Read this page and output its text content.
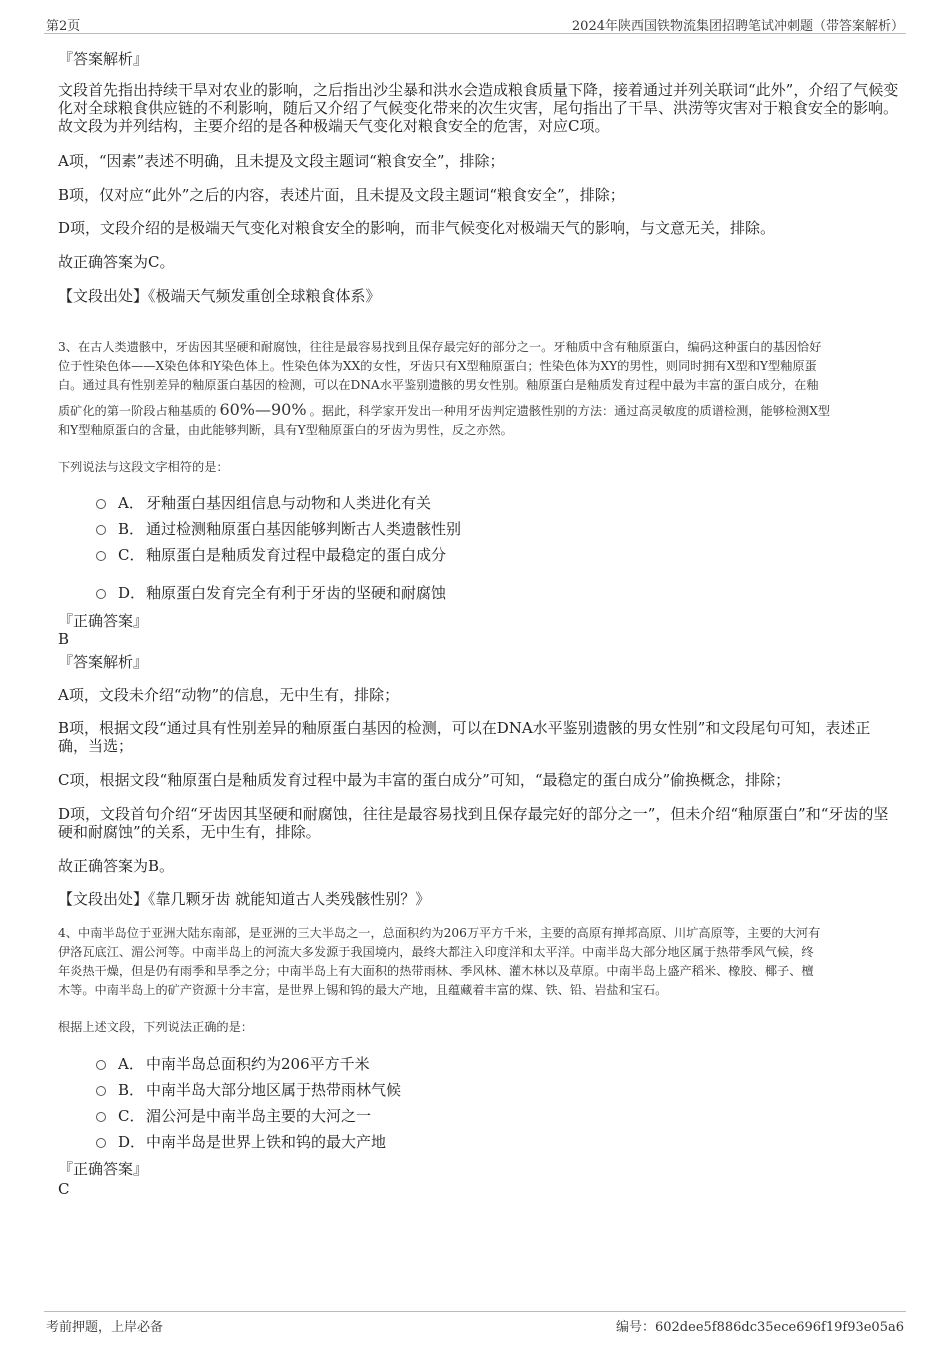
第2页	2024年陕西国铁物流集团招聘笔试冲刺题（带答案解析）
『答案解析』
文段首先指出持续干旱对农业的影响，之后指出沙尘暴和洪水会造成粮食质量下降，接着通过并列关联词“此外”，介绍了气候变化对全球粮食供应链的不利影响，随后又介绍了气候变化带来的次生灾害，尾句指出了干旱、洪涝等灾害对于粮食安全的影响。故文段为并列结构，主要介绍的是各种极端天气变化对粮食安全的危害，对应C项。
A项，“因素”表述不明确，且未提及文段主题词“粮食安全”，排除；
B项，仅对应“此外”之后的内容，表述片面，且未提及文段主题词“粮食安全”，排除；
D项，文段介绍的是极端天气变化对粮食安全的影响，而非气候变化对极端天气的影响，与文意无关，排除。
故正确答案为C。
【文段出处】《极端天气频发重创全球粮食体系》
3、在古人类遗骸中，牙齿因其坚硬和耐腐蚀，往往是最容易找到且保存最完好的部分之一。牙釉质中含有釉原蛋白，编码这种蛋白的基因恰好
位于性染色体——X染色体和Y染色体上。性染色体为XX的女性，牙齿只有X型釉原蛋白；性染色体为XY的男性，则同时拥有X型和Y型釉原蛋
白。通过具有性别差异的釉原蛋白基因的检测，可以在DNA水平鉴别遗骸的男女性别。釉原蛋白是釉质发育过程中最为丰富的蛋白成分，在釉
质矿化的第一阶段占釉基质的 60%—90% 。据此，科学家开发出一种用牙齿判定遗骸性别的方法：通过高灵敏度的质谱检测，能够检测X型
和Y型釉原蛋白的含量，由此能够判断，具有Y型釉原蛋白的牙齿为男性，反之亦然。
下列说法与这段文字相符的是：
A． 牙釉蛋白基因组信息与动物和人类进化有关
B． 通过检测釉原蛋白基因能够判断古人类遗骸性别
C． 釉原蛋白是釉质发育过程中最稳定的蛋白成分
D．釉原蛋白发育完全有利于牙齿的坚硬和耐腐蚀
『正确答案』
B
『答案解析』
A项，文段未介绍“动物”的信息，无中生有，排除；
B项，根据文段“通过具有性别差异的釉原蛋白基因的检测，可以在DNA水平鉴别遗骸的男女性别”和文段尾句可知，表述正确，当选；
C项，根据文段“釉原蛋白是釉质发育过程中最为丰富的蛋白成分”可知，“最稳定的蛋白成分”偷换概念，排除；
D项，文段首句介绍“牙齿因其坚硬和耐腐蚀，往往是最容易找到且保存最完好的部分之一”，但未介绍“釉原蛋白”和“牙齿的坚硬和耐腐蚀”的关系，无中生有，排除。
故正确答案为B。
【文段出处】《靠几颗牙齿 就能知道古人类残骸性别？》
4、中南半岛位于亚洲大陆东南部，是亚洲的三大半岛之一，总面积约为206万平方千米，主要的高原有掸邦高原、川圹高原等，主要的大河有
伊洛瓦底江、湄公河等。中南半岛上的河流大多发源于我国境内，最终大都注入印度洋和太平洋。中南半岛大部分地区属于热带季风气候，终
年炎热干燥，但是仍有雨季和旱季之分；中南半岛上有大面积的热带雨林、季风林、灌木林以及草原。中南半岛上盛产稻米、橡胶、椰子、檀
木等。中南半岛上的矿产资源十分丰富，是世界上锡和钨的最大产地，且蕴藏着丰富的煤、铁、铅、岩盐和宝石。
根据上述文段，下列说法正确的是：
A． 中南半岛总面积约为206平方千米
B． 中南半岛大部分地区属于热带雨林气候
C． 湄公河是中南半岛主要的大河之一
D．中南半岛是世界上铁和钨的最大产地
『正确答案』
C
考前押题，上岸必备	编号：602dee5f886dc35ece696f19f93e05a6
